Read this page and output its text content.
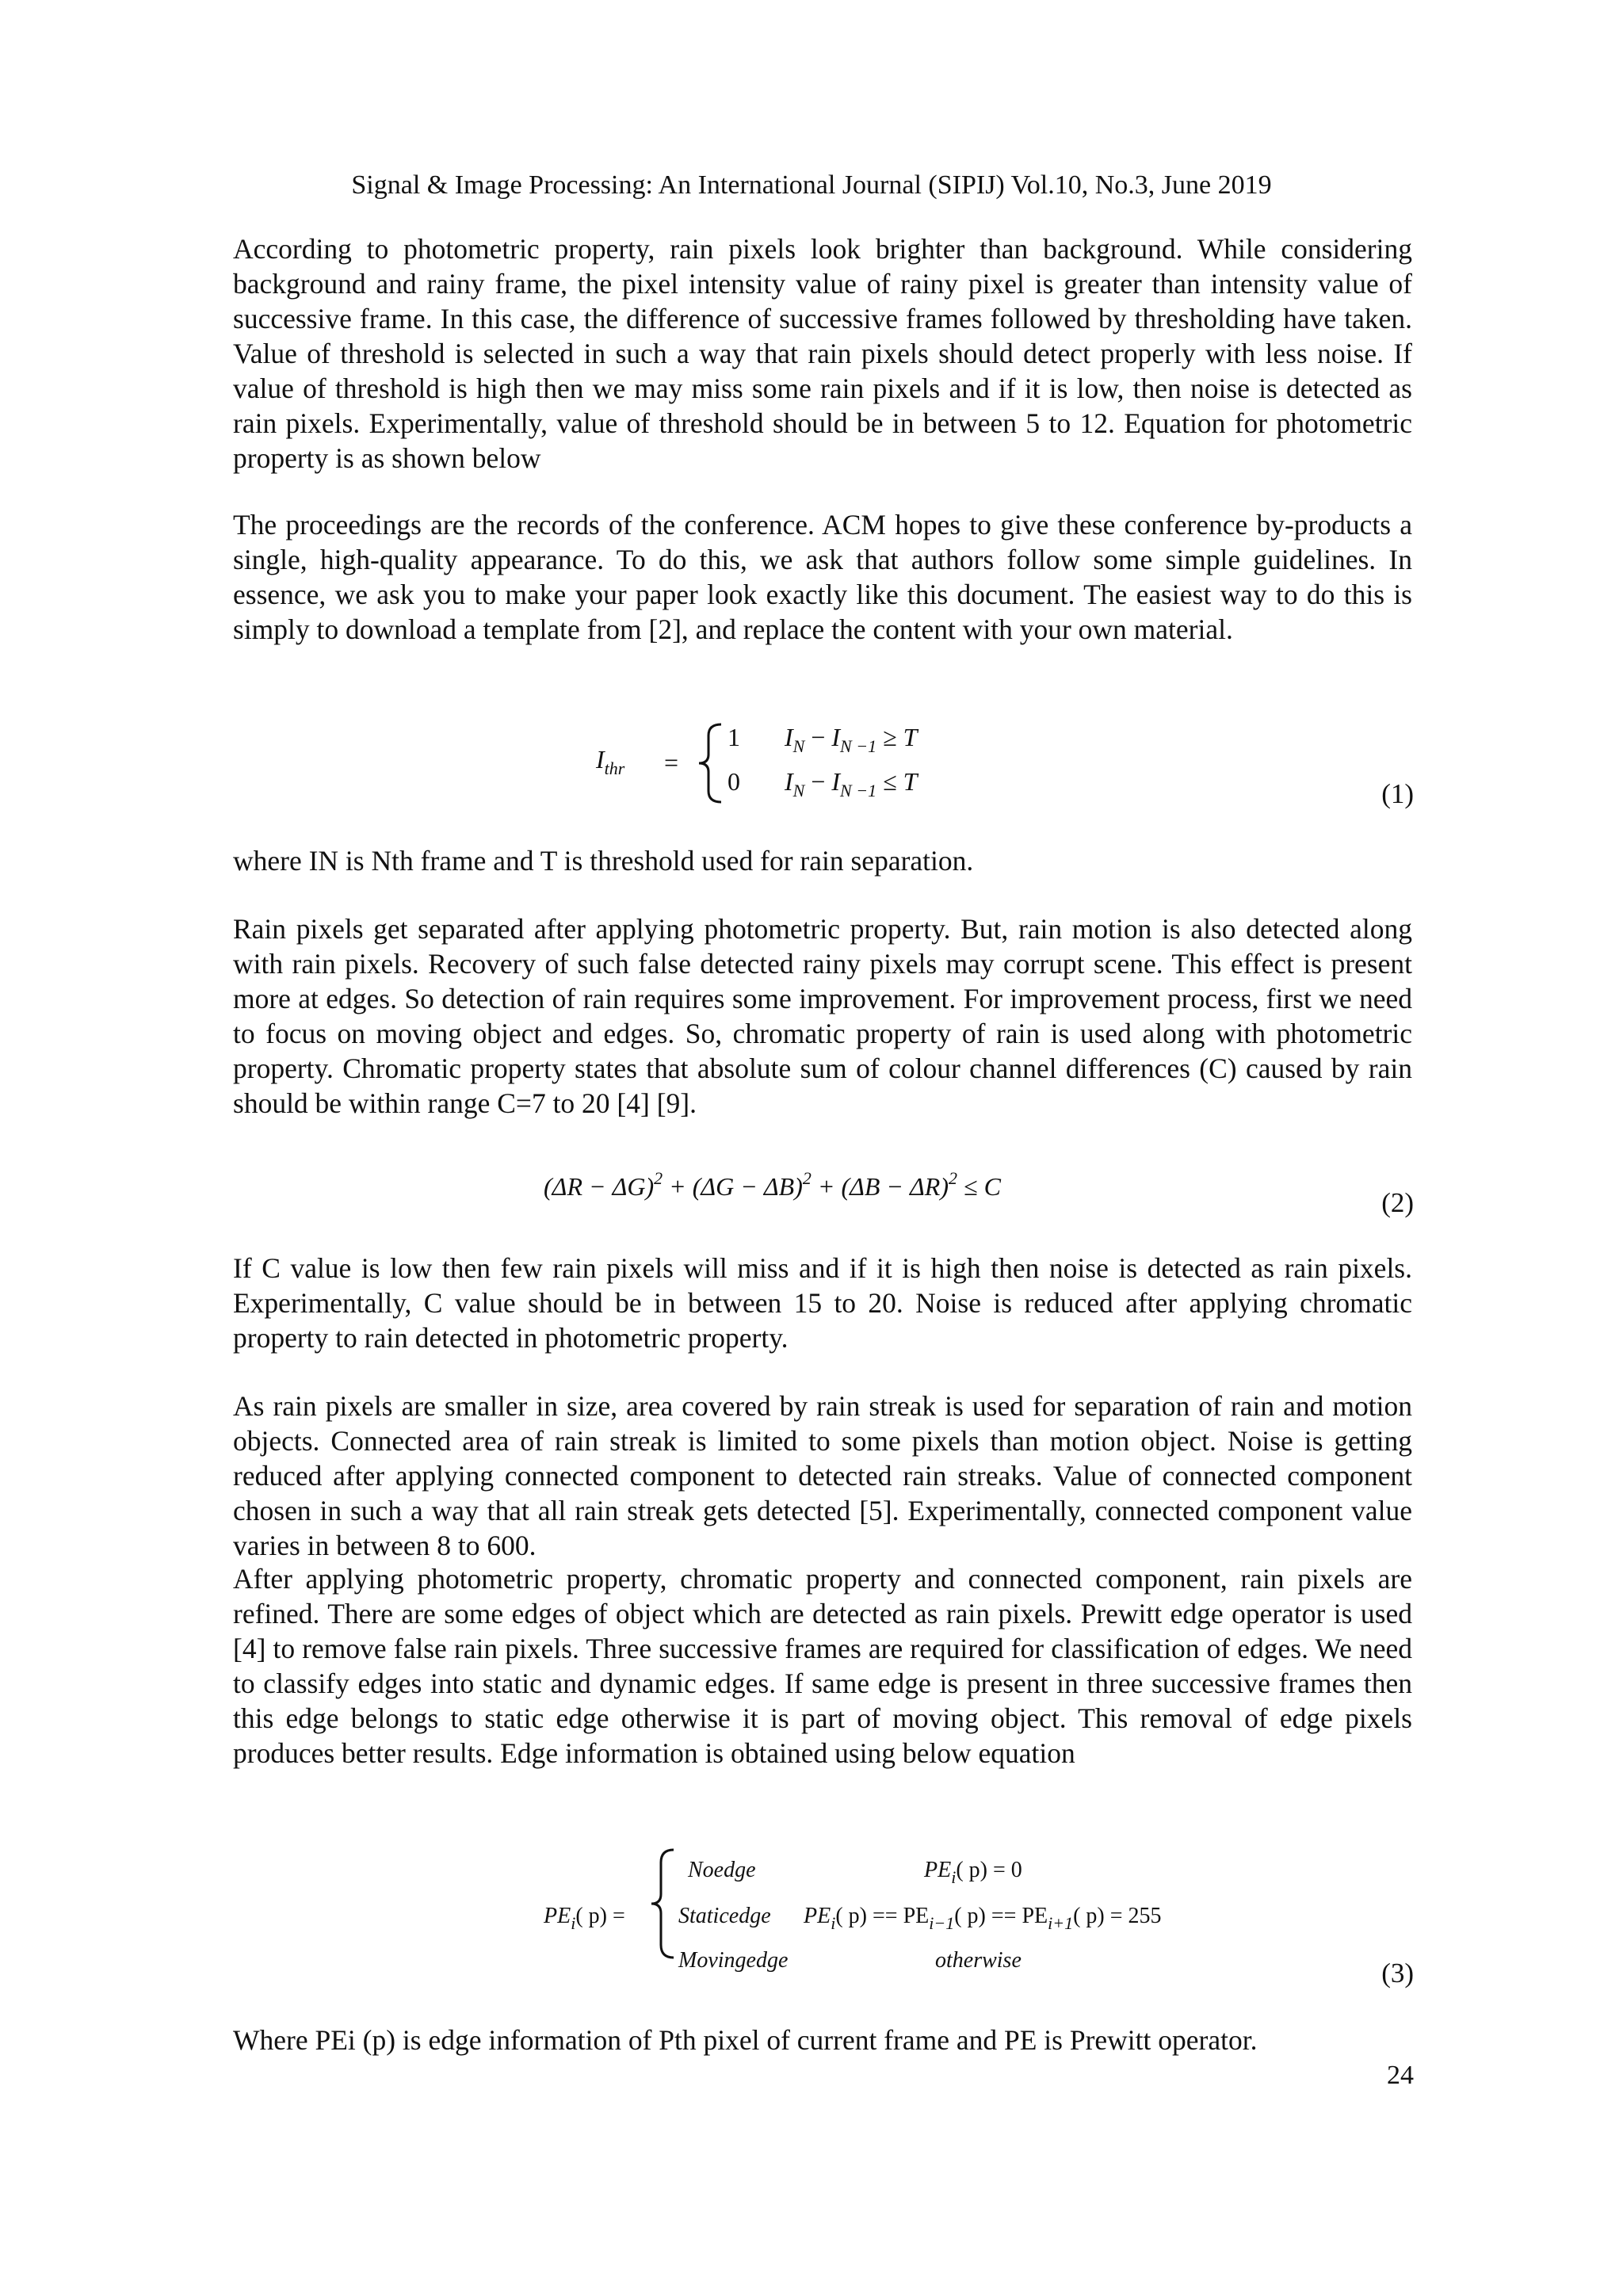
Signal & Image Processing: An International Journal (SIPIJ) Vol.10, No.3, June 2019

According to photometric property, rain pixels look brighter than background. While considering background and rainy frame, the pixel intensity value of rainy pixel is greater than intensity value of successive frame. In this case, the difference of successive frames followed by thresholding have taken. Value of threshold is selected in such a way that rain pixels should detect properly with less noise. If value of threshold is high then we may miss some rain pixels and if it is low, then noise is detected as rain pixels. Experimentally, value of threshold should be in between 5 to 12. Equation for photometric property is as shown below

The proceedings are the records of the conference. ACM hopes to give these conference by-products a single, high-quality appearance. To do this, we ask that authors follow some simple guidelines. In essence, we ask you to make your paper look exactly like this document. The easiest way to do this is simply to download a template from [2], and replace the content with your own material.

$I_{thr}$ =
1 $I_N - I_{N -1} \ge T$
0 $I_N - I_{N -1} \le T$	(1)

where IN is Nth frame and T is threshold used for rain separation.

Rain pixels get separated after applying photometric property. But, rain motion is also detected along with rain pixels. Recovery of such false detected rainy pixels may corrupt scene. This effect is present more at edges. So detection of rain requires some improvement. For improvement process, first we need to focus on moving object and edges. So, chromatic property of rain is used along with photometric property. Chromatic property states that absolute sum of colour channel differences (C) caused by rain should be within range C=7 to 20 [4] [9].

$(\Delta R - \Delta G)^2 + (\Delta G - \Delta B)^2 + (\Delta B - \Delta R)^2 \le C$
(2)

If C value is low then few rain pixels will miss and if it is high then noise is detected as rain pixels. Experimentally, C value should be in between 15 to 20. Noise is reduced after applying chromatic property to rain detected in photometric property.

As rain pixels are smaller in size, area covered by rain streak is used for separation of rain and motion objects. Connected area of rain streak is limited to some pixels than motion object. Noise is getting reduced after applying connected component to detected rain streaks. Value of connected component chosen in such a way that all rain streak gets detected [5]. Experimentally, connected component value varies in between 8 to 600.

After applying photometric property, chromatic property and connected component, rain pixels are refined. There are some edges of object which are detected as rain pixels. Prewitt edge operator is used [4] to remove false rain pixels. Three successive frames are required for classification of edges. We need to classify edges into static and dynamic edges. If same edge is present in three successive frames then this edge belongs to static edge otherwise it is part of moving object. This removal of edge pixels produces better results. Edge information is obtained using below equation

$PE_i$( p) =
Noedge	$PE_i$( p) = 0
Staticedge $PE_i$( $p) == PE_{i-1}$( $p) == PE_{i+1}$( p) = 255
Movingedge	otherwise	(3)

Where PEi (p) is edge information of Pth pixel of current frame and PE is Prewitt operator.

24
